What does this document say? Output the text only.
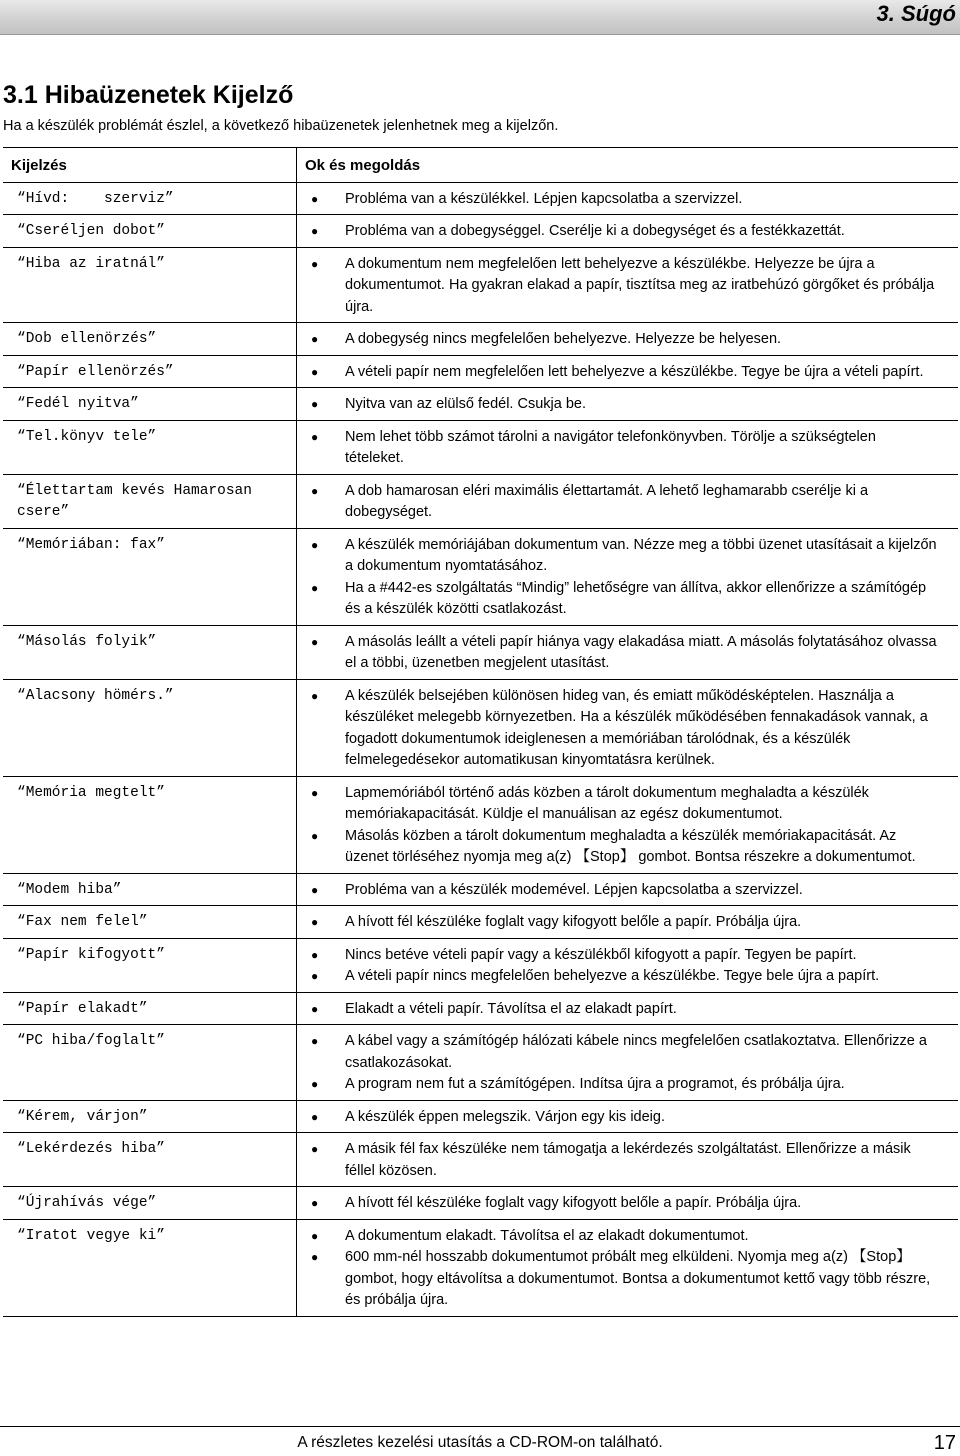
3. Súgó
3.1 Hibaüzenetek Kijelző

Ha a készülék problémát észlel, a következő hibaüzenetek jelenhetnek meg a kijelzőn.

Kijelzés	Ok és megoldás
“Hívd:    szerviz”	● Probléma van a készülékkel. Lépjen kapcsolatba a szervizzel.

“Cseréljen dobot”	● Probléma van a dobegységgel. Cserélje ki a dobegységet és a festékkazettát.

“Hiba az iratnál”	● A dokumentum nem megfelelően lett behelyezve a készülékbe. Helyezze be újra a dokumentumot. Ha gyakran elakad a papír, tisztítsa meg az iratbehúzó görgőket és próbálja újra.

“Dob ellenörzés”	● A dobegység nincs megfelelően behelyezve. Helyezze be helyesen.

“Papír ellenörzés”	● A vételi papír nem megfelelően lett behelyezve a készülékbe. Tegye be újra a vételi papírt.

“Fedél nyitva”	● Nyitva van az elülső fedél. Csukja be.

“Tel.könyv tele”	● Nem lehet több számot tárolni a navigátor telefonkönyvben. Törölje a szükségtelen tételeket.

“Élettartam kevés Hamarosan csere”	● A dob hamarosan eléri maximális élettartamát. A lehető leghamarabb cserélje ki a dobegységet.

“Memóriában: fax”	● A készülék memóriájában dokumentum van. Nézze meg a többi üzenet utasításait a kijelzőn a dokumentum nyomtatásához.
● Ha a #442-es szolgáltatás “Mindig” lehetőségre van állítva, akkor ellenőrizze a számítógép és a készülék közötti csatlakozást.

“Másolás folyik”	● A másolás leállt a vételi papír hiánya vagy elakadása miatt. A másolás folytatásához olvassa el a többi, üzenetben megjelent utasítást.

“Alacsony hömérs.”	● A készülék belsejében különösen hideg van, és emiatt működésképtelen. Használja a készüléket melegebb környezetben. Ha a készülék működésében fennakadások vannak, a fogadott dokumentumok ideiglenesen a memóriában tárolódnak, és a készülék felmelegedésekor automatikusan kinyomtatásra kerülnek.

“Memória megtelt”	● Lapmemóriából történő adás közben a tárolt dokumentum meghaladta a készülék memóriakapacitását. Küldje el manuálisan az egész dokumentumot.
● Másolás közben a tárolt dokumentum meghaladta a készülék memóriakapacitását. Az üzenet törléséhez nyomja meg a(z) 【Stop】 gombot. Bontsa részekre a dokumentumot.

“Modem hiba”	● Probléma van a készülék modemével. Lépjen kapcsolatba a szervizzel.

“Fax nem felel”	● A hívott fél készüléke foglalt vagy kifogyott belőle a papír. Próbálja újra.

“Papír kifogyott”	● Nincs betéve vételi papír vagy a készülékből kifogyott a papír. Tegyen be papírt.
● A vételi papír nincs megfelelően behelyezve a készülékbe. Tegye bele újra a papírt.

“Papír elakadt”	● Elakadt a vételi papír. Távolítsa el az elakadt papírt.

“PC hiba/foglalt”	● A kábel vagy a számítógép hálózati kábele nincs megfelelően csatlakoztatva. Ellenőrizze a csatlakozásokat.
● A program nem fut a számítógépen. Indítsa újra a programot, és próbálja újra.

“Kérem, várjon”	● A készülék éppen melegszik. Várjon egy kis ideig.

“Lekérdezés hiba”	● A másik fél fax készüléke nem támogatja a lekérdezés szolgáltatást. Ellenőrizze a másik féllel közösen.

“Újrahívás vége”	● A hívott fél készüléke foglalt vagy kifogyott belőle a papír. Próbálja újra.

“Iratot vegye ki”	● A dokumentum elakadt. Távolítsa el az elakadt dokumentumot.
● 600 mm-nél hosszabb dokumentumot próbált meg elküldeni. Nyomja meg a(z) 【Stop】 gombot, hogy eltávolítsa a dokumentumot. Bontsa a dokumentumot kettő vagy több részre, és próbálja újra.
A részletes kezelési utasítás a CD-ROM-on található.	17
